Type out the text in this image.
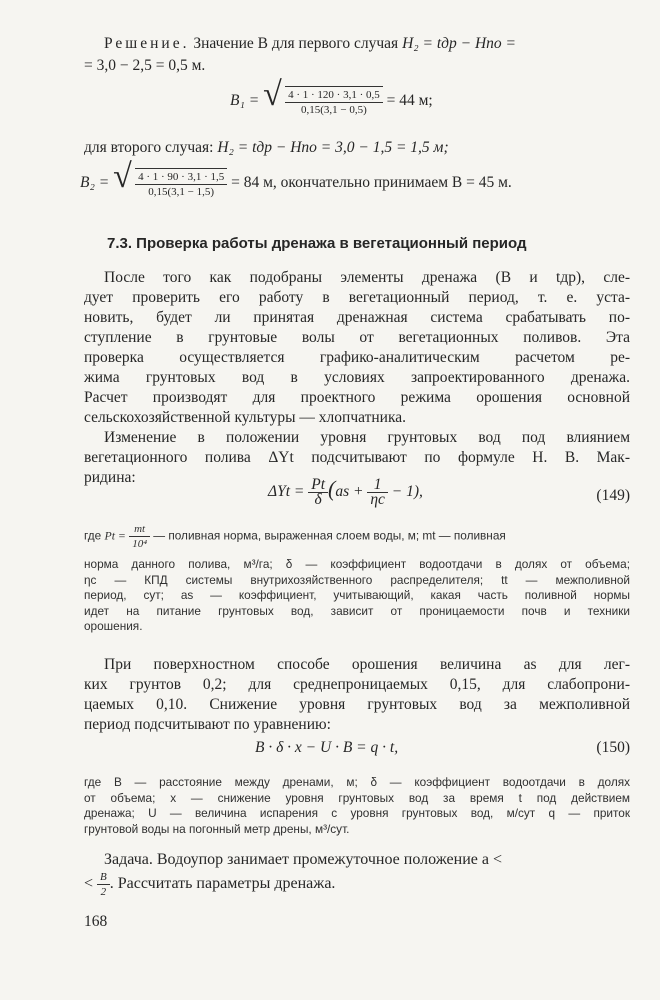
Решение. Значение B для первого случая H₂ = tдр − Hпо =
= 3,0 − 2,5 = 0,5 м.
B₁ = √ $\frac{4 \cdot 1 \cdot 120 \cdot 3,1 \cdot 0,5}{0,15(3,1 - 0,5)} = 44$ м;
для второго случая: H₂ = tдр − Hпо = 3,0 − 1,5 = 1,5 м;
B₂ = √ $\frac{4 \cdot 1 \cdot 90 \cdot 3,1 \cdot 1,5}{0,15(3,1 - 1,5)} = 84$ м, окончательно принимаем B = 45 м.
7.3. Проверка работы дренажа в вегетационный период

После того как подобраны элементы дренажа (B и tдр), сле-

дует проверить его работу в вегетационный период, т. е. уста-

новить, будет ли принятая дренажная система срабатывать по-

ступление в грунтовые волы от вегетационных поливов. Эта

проверка осуществляется графико-аналитическим расчетом ре-

жима грунтовых вод в условиях запроектированного дренажа.

Расчет производят для проектного режима орошения основной

сельскохозяйственной культуры — хлопчатника.

Изменение в положении уровня грунтовых вод под влиянием

вегетационного полива ΔYt подсчитывают по формуле Н. В. Мак-

ридина:

$\Delta Yt = \frac{Pt}{\delta} (as + \frac{1}{\eta с} - 1)$,	(149)
где $Pt = \frac{mt}{\text{10⁴}}$ — поливная норма, выраженная слоем воды, м; mt — поливная

норма данного полива, м³/га; δ — коэффициент водоотдачи в долях от объема;

ηс — КПД системы внутрихозяйственного распределителя; tt — межполивной

период, сут; as — коэффициент, учитывающий, какая часть поливной нормы

идет на питание грунтовых вод, зависит от проницаемости почв и техники

орошения.

При поверхностном способе орошения величина as для лег-

ких грунтов 0,2; для среднепроницаемых 0,15, для слабопрони-

цаемых 0,10. Снижение уровня грунтовых вод за межполивной

период подсчитывают по уравнению:

B · δ · x − U · B = q · t,	(150)

где B — расстояние между дренами, м; δ — коэффициент водоотдачи в долях

от объема; x — снижение уровня грунтовых вод за время t под действием

дренажа; U — величина испарения с уровня грунтовых вод, м/сут q — приток

грунтовой воды на погонный метр дрены, м³/сут.

Задача. Водоупор занимает промежуточное положение a <
< $\frac{B}{2}$ . Рассчитать параметры дренажа.
168
